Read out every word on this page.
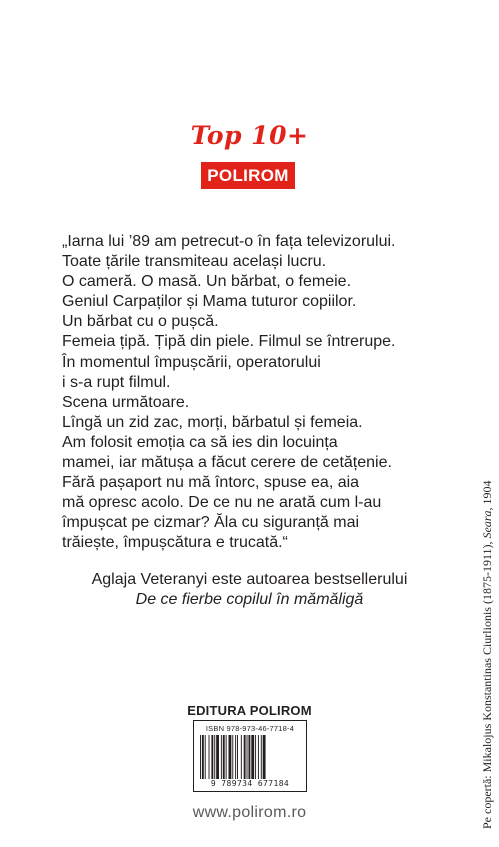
Top 10+
POLIROM
„Iarna lui ’89 am petrecut-o în fața televizorului.
Toate țările transmiteau același lucru.
O cameră. O masă. Un bărbat, o femeie.
Geniul Carpaților și Mama tuturor copiilor.
Un bărbat cu o pușcă.
Femeia țipă. Țipă din piele. Filmul se întrerupe.
În momentul împușcării, operatorului
i s-a rupt filmul.
Scena următoare.
Lîngă un zid zac, morți, bărbatul și femeia.
Am folosit emoția ca să ies din locuința
mamei, iar mătușa a făcut cerere de cetățenie.
Fără pașaport nu mă întorc, spuse ea, aia
mă opresc acolo. De ce nu ne arată cum l-au
împușcat pe cizmar? Ăla cu siguranță mai
trăiește, împușcătura e trucată.“
Aglaja Veteranyi este autoarea bestsellerului
De ce fierbe copilul în mămăligă
EDITURA POLIROM
ISBN 978-973-46-7718-4
9 789734 677184
www.polirom.ro	Pe copertă: Mikalojus Konstantinas Ciurlionis (1875-1911), Seara, 1904
